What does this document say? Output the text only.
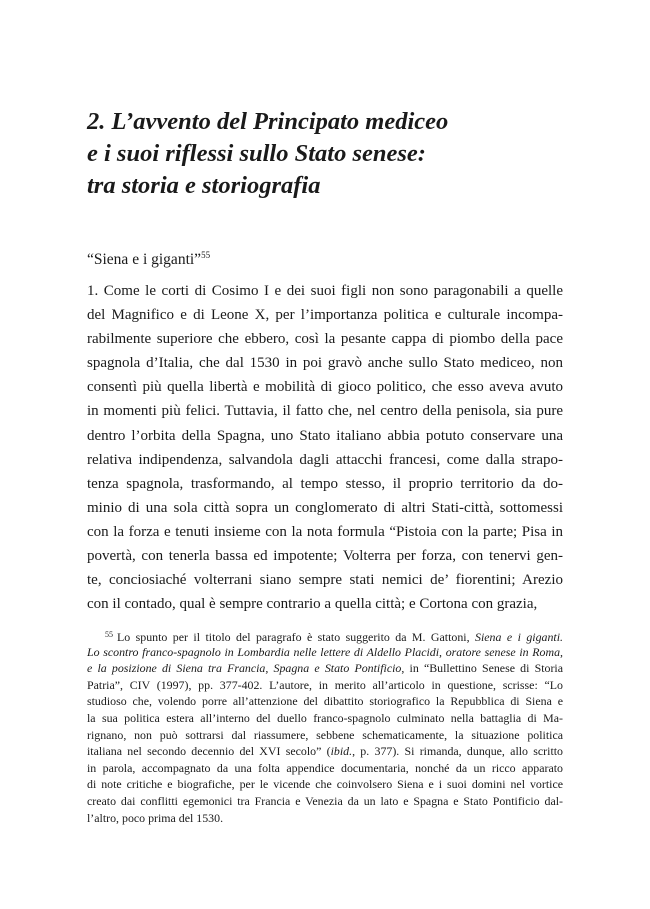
2. L’avvento del Principato mediceo
e i suoi riflessi sullo Stato senese:
tra storia e storiografia
“Siena e i giganti”$^{55}$
1. Come le corti di Cosimo I e dei suoi figli non sono paragonabili a quelle
del Magnifico e di Leone X, per l’importanza politica e culturale incompa-
rabilmente superiore che ebbero, così la pesante cappa di piombo della pace
spagnola d’Italia, che dal 1530 in poi gravò anche sullo Stato mediceo, non
consentì più quella libertà e mobilità di gioco politico, che esso aveva avuto
in momenti più felici. Tuttavia, il fatto che, nel centro della penisola, sia pure
dentro l’orbita della Spagna, uno Stato italiano abbia potuto conservare una
relativa indipendenza, salvandola dagli attacchi francesi, come dalla strapo-
tenza spagnola, trasformando, al tempo stesso, il proprio territorio da do-
minio di una sola città sopra un conglomerato di altri Stati-città, sottomessi
con la forza e tenuti insieme con la nota formula “Pistoia con la parte; Pisa in
povertà, con tenerla bassa ed impotente; Volterra per forza, con tenervi gen-
te, conciosiaché volterrani siano sempre stati nemici de’ fiorentini; Arezio
con il contado, qual è sempre contrario a quella città; e Cortona con grazia,
$^{55}$ Lo spunto per il titolo del paragrafo è stato suggerito da M. Gattoni, Siena e i giganti.
Lo scontro franco-spagnolo in Lombardia nelle lettere di Aldello Placidi, oratore senese in Roma,
e la posizione di Siena tra Francia, Spagna e Stato Pontificio, in “Bullettino Senese di Storia
Patria”, CIV (1997), pp. 377-402. L’autore, in merito all’articolo in questione, scrisse: “Lo
studioso che, volendo porre all’attenzione del dibattito storiografico la Repubblica di Siena e
la sua politica estera all’interno del duello franco-spagnolo culminato nella battaglia di Ma-
rignano, non può sottrarsi dal riassumere, sebbene schematicamente, la situazione politica
italiana nel secondo decennio del XVI secolo” (ibid., p. 377). Si rimanda, dunque, allo scritto
in parola, accompagnato da una folta appendice documentaria, nonché da un ricco apparato
di note critiche e biografiche, per le vicende che coinvolsero Siena e i suoi domini nel vortice
creato dai conflitti egemonici tra Francia e Venezia da un lato e Spagna e Stato Pontificio dal-
l’altro, poco prima del 1530.
